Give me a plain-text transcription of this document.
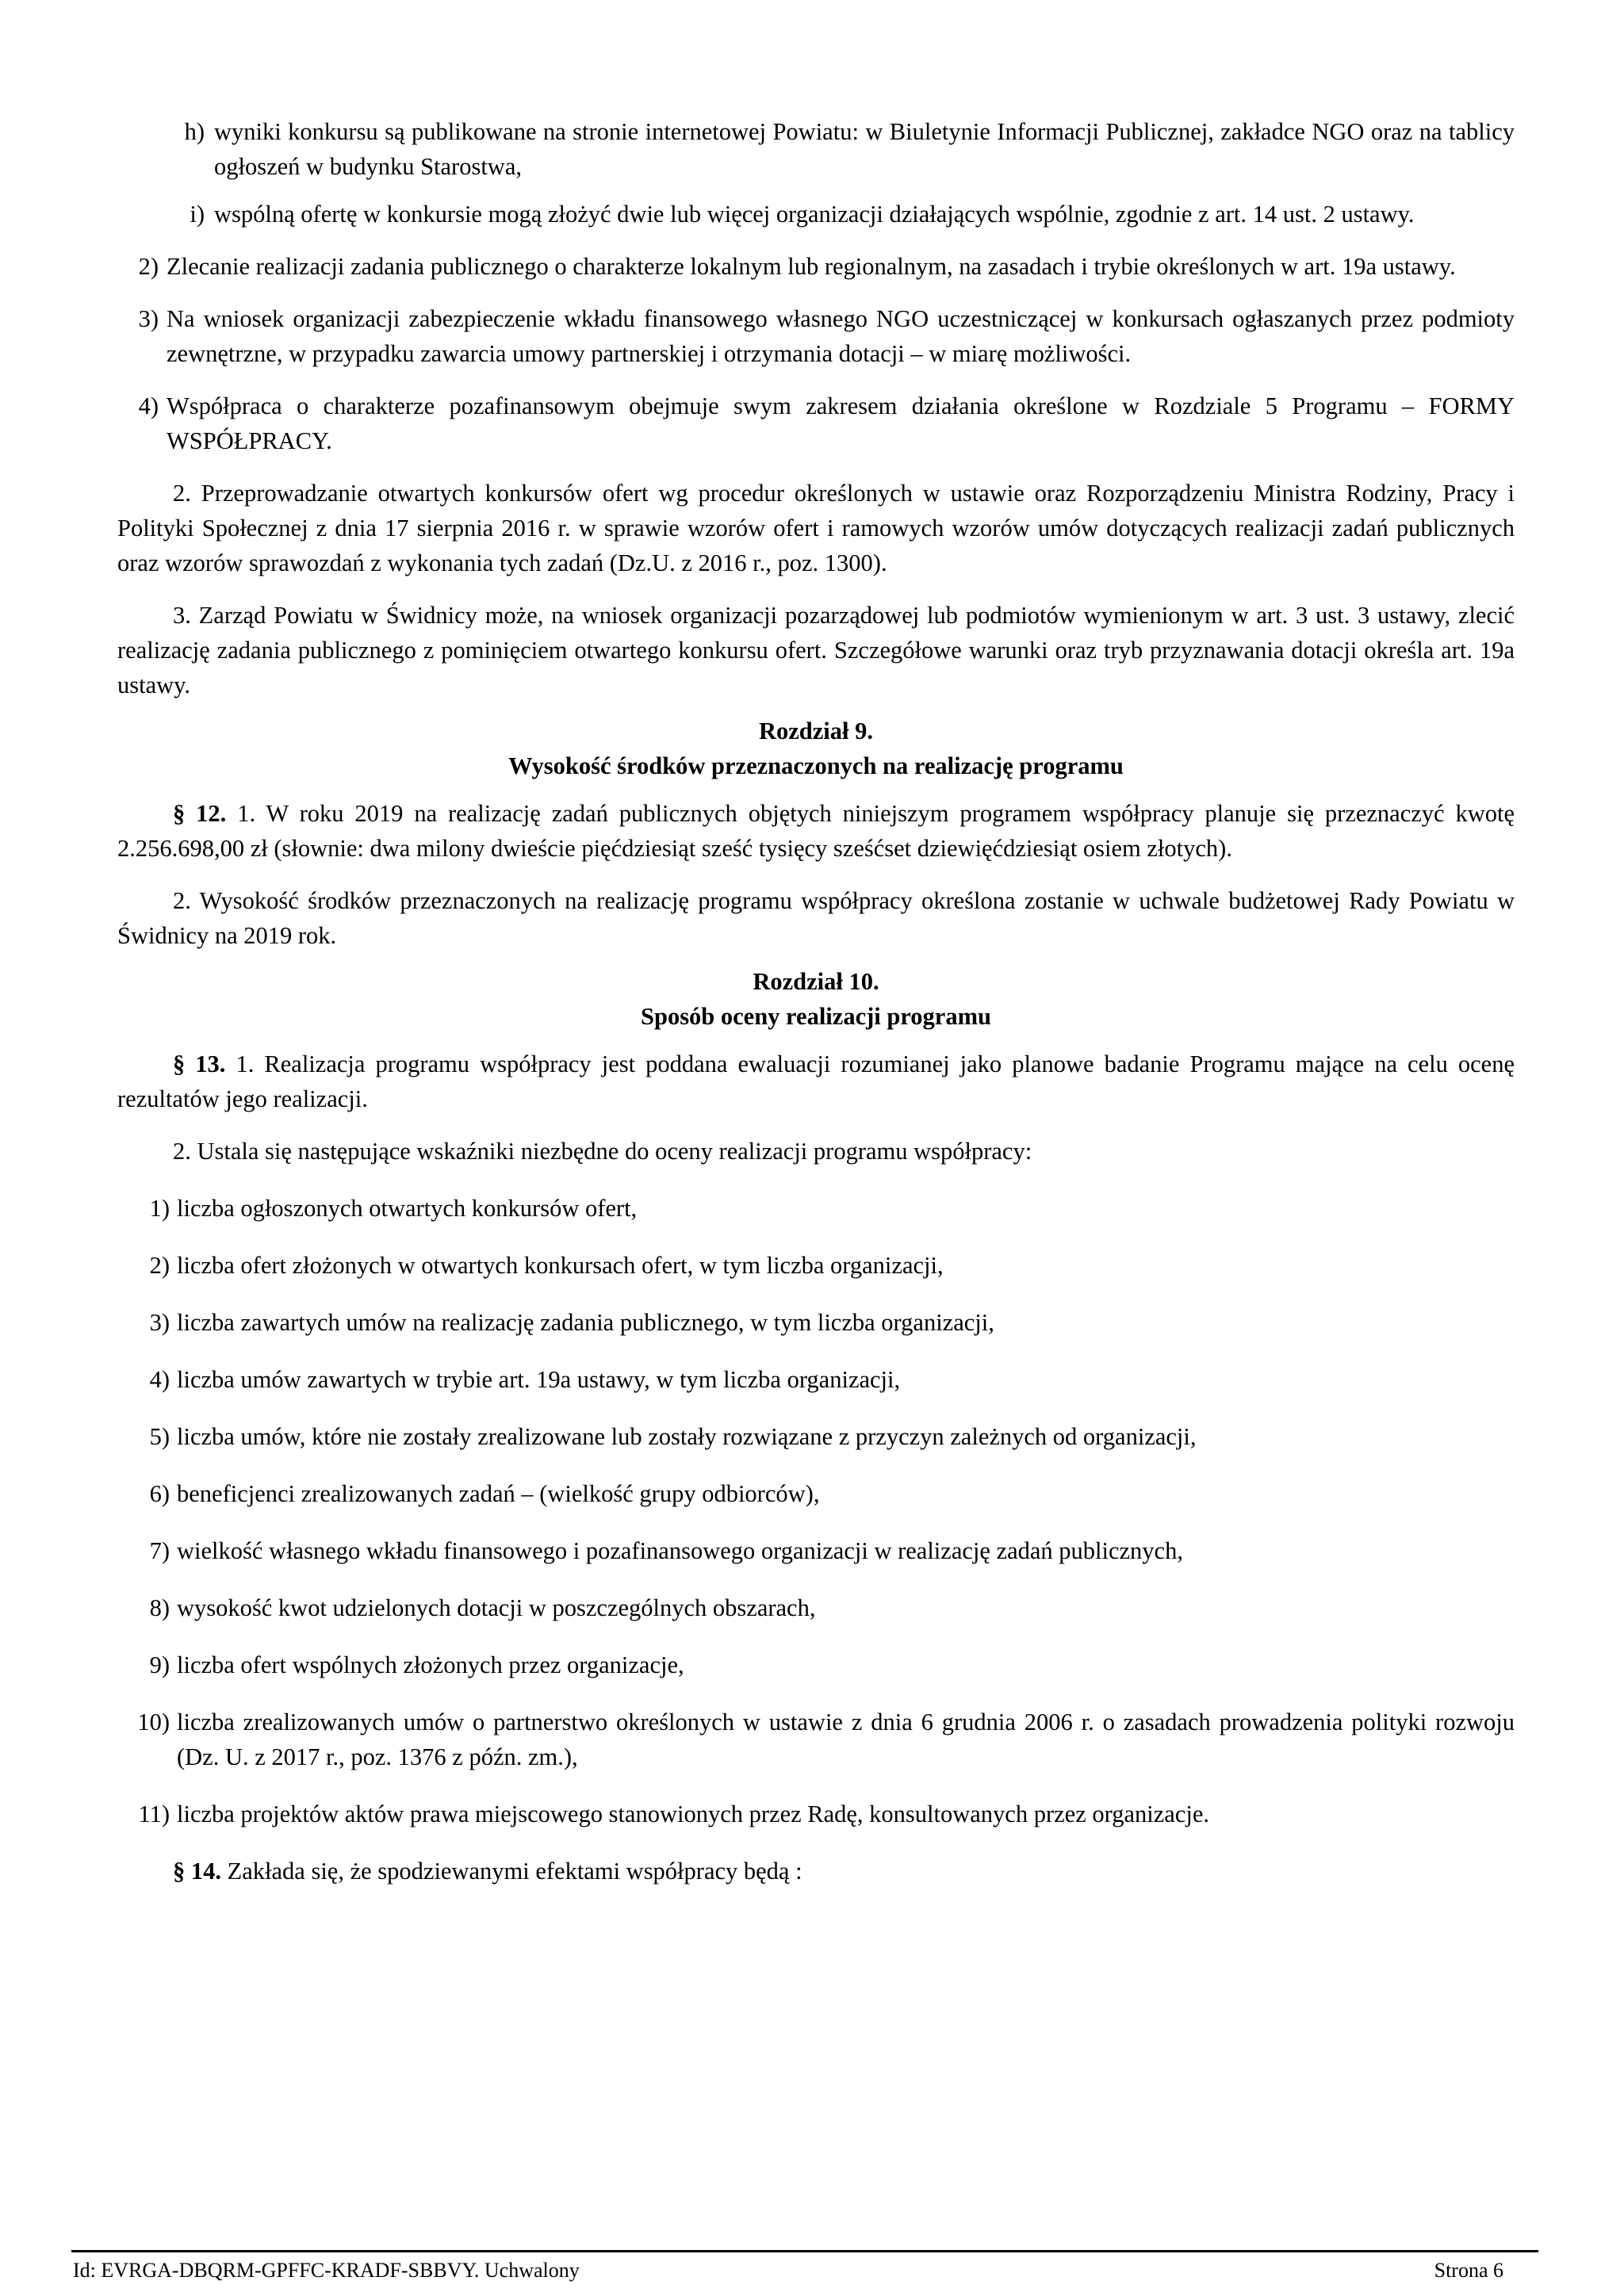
h) wyniki konkursu są publikowane na stronie internetowej Powiatu: w Biuletynie Informacji Publicznej, zakładce NGO oraz na tablicy ogłoszeń w budynku Starostwa,

i) wspólną ofertę w konkursie mogą złożyć dwie lub więcej organizacji działających wspólnie, zgodnie z art. 14 ust. 2 ustawy.

2) Zlecanie realizacji zadania publicznego o charakterze lokalnym lub regionalnym, na zasadach i trybie określonych w art. 19a ustawy.

3) Na wniosek organizacji zabezpieczenie wkładu finansowego własnego NGO uczestniczącej w konkursach ogłaszanych przez podmioty zewnętrzne, w przypadku zawarcia umowy partnerskiej i otrzymania dotacji – w miarę możliwości.

4) Współpraca o charakterze pozafinansowym obejmuje swym zakresem działania określone w Rozdziale 5 Programu – FORMY WSPÓŁPRACY.

2. Przeprowadzanie otwartych konkursów ofert wg procedur określonych w ustawie oraz Rozporządzeniu Ministra Rodziny, Pracy i Polityki Społecznej z dnia 17 sierpnia 2016 r. w sprawie wzorów ofert i ramowych wzorów umów dotyczących realizacji zadań publicznych oraz wzorów sprawozdań z wykonania tych zadań (Dz.U. z 2016 r., poz. 1300).

3. Zarząd Powiatu w Świdnicy może, na wniosek organizacji pozarządowej lub podmiotów wymienionym w art. 3 ust. 3 ustawy, zlecić realizację zadania publicznego z pominięciem otwartego konkursu ofert. Szczegółowe warunki oraz tryb przyznawania dotacji określa art. 19a ustawy.

Rozdział 9.
Wysokość środków przeznaczonych na realizację programu

§ 12. 1. W roku 2019 na realizację zadań publicznych objętych niniejszym programem współpracy planuje się przeznaczyć kwotę 2.256.698,00 zł (słownie: dwa milony dwieście pięćdziesiąt sześć tysięcy sześćset dziewięćdziesiąt osiem złotych).

2. Wysokość środków przeznaczonych na realizację programu współpracy określona zostanie w uchwale budżetowej Rady Powiatu w Świdnicy na 2019 rok.

Rozdział 10.
Sposób oceny realizacji programu

§ 13. 1. Realizacja programu współpracy jest poddana ewaluacji rozumianej jako planowe badanie Programu mające na celu ocenę rezultatów jego realizacji.

2. Ustala się następujące wskaźniki niezbędne do oceny realizacji programu współpracy:

1) liczba ogłoszonych otwartych konkursów ofert,

2) liczba ofert złożonych w otwartych konkursach ofert, w tym liczba organizacji,

3) liczba zawartych umów na realizację zadania publicznego, w tym liczba organizacji,

4) liczba umów zawartych w trybie art. 19a ustawy, w tym liczba organizacji,

5) liczba umów, które nie zostały zrealizowane lub zostały rozwiązane z przyczyn zależnych od organizacji,

6) beneficjenci zrealizowanych zadań – (wielkość grupy odbiorców),

7) wielkość własnego wkładu finansowego i pozafinansowego organizacji w realizację zadań publicznych,

8) wysokość kwot udzielonych dotacji w poszczególnych obszarach,

9) liczba ofert wspólnych złożonych przez organizacje,

10) liczba zrealizowanych umów o partnerstwo określonych w ustawie z dnia 6 grudnia 2006 r. o zasadach prowadzenia polityki rozwoju (Dz. U. z 2017 r., poz. 1376 z późn. zm.),

11) liczba projektów aktów prawa miejscowego stanowionych przez Radę, konsultowanych przez organizacje.

§ 14. Zakłada się, że spodziewanymi efektami współpracy będą :

Id: EVRGA-DBQRM-GPFFC-KRADF-SBBVY. Uchwalony	Strona 6
